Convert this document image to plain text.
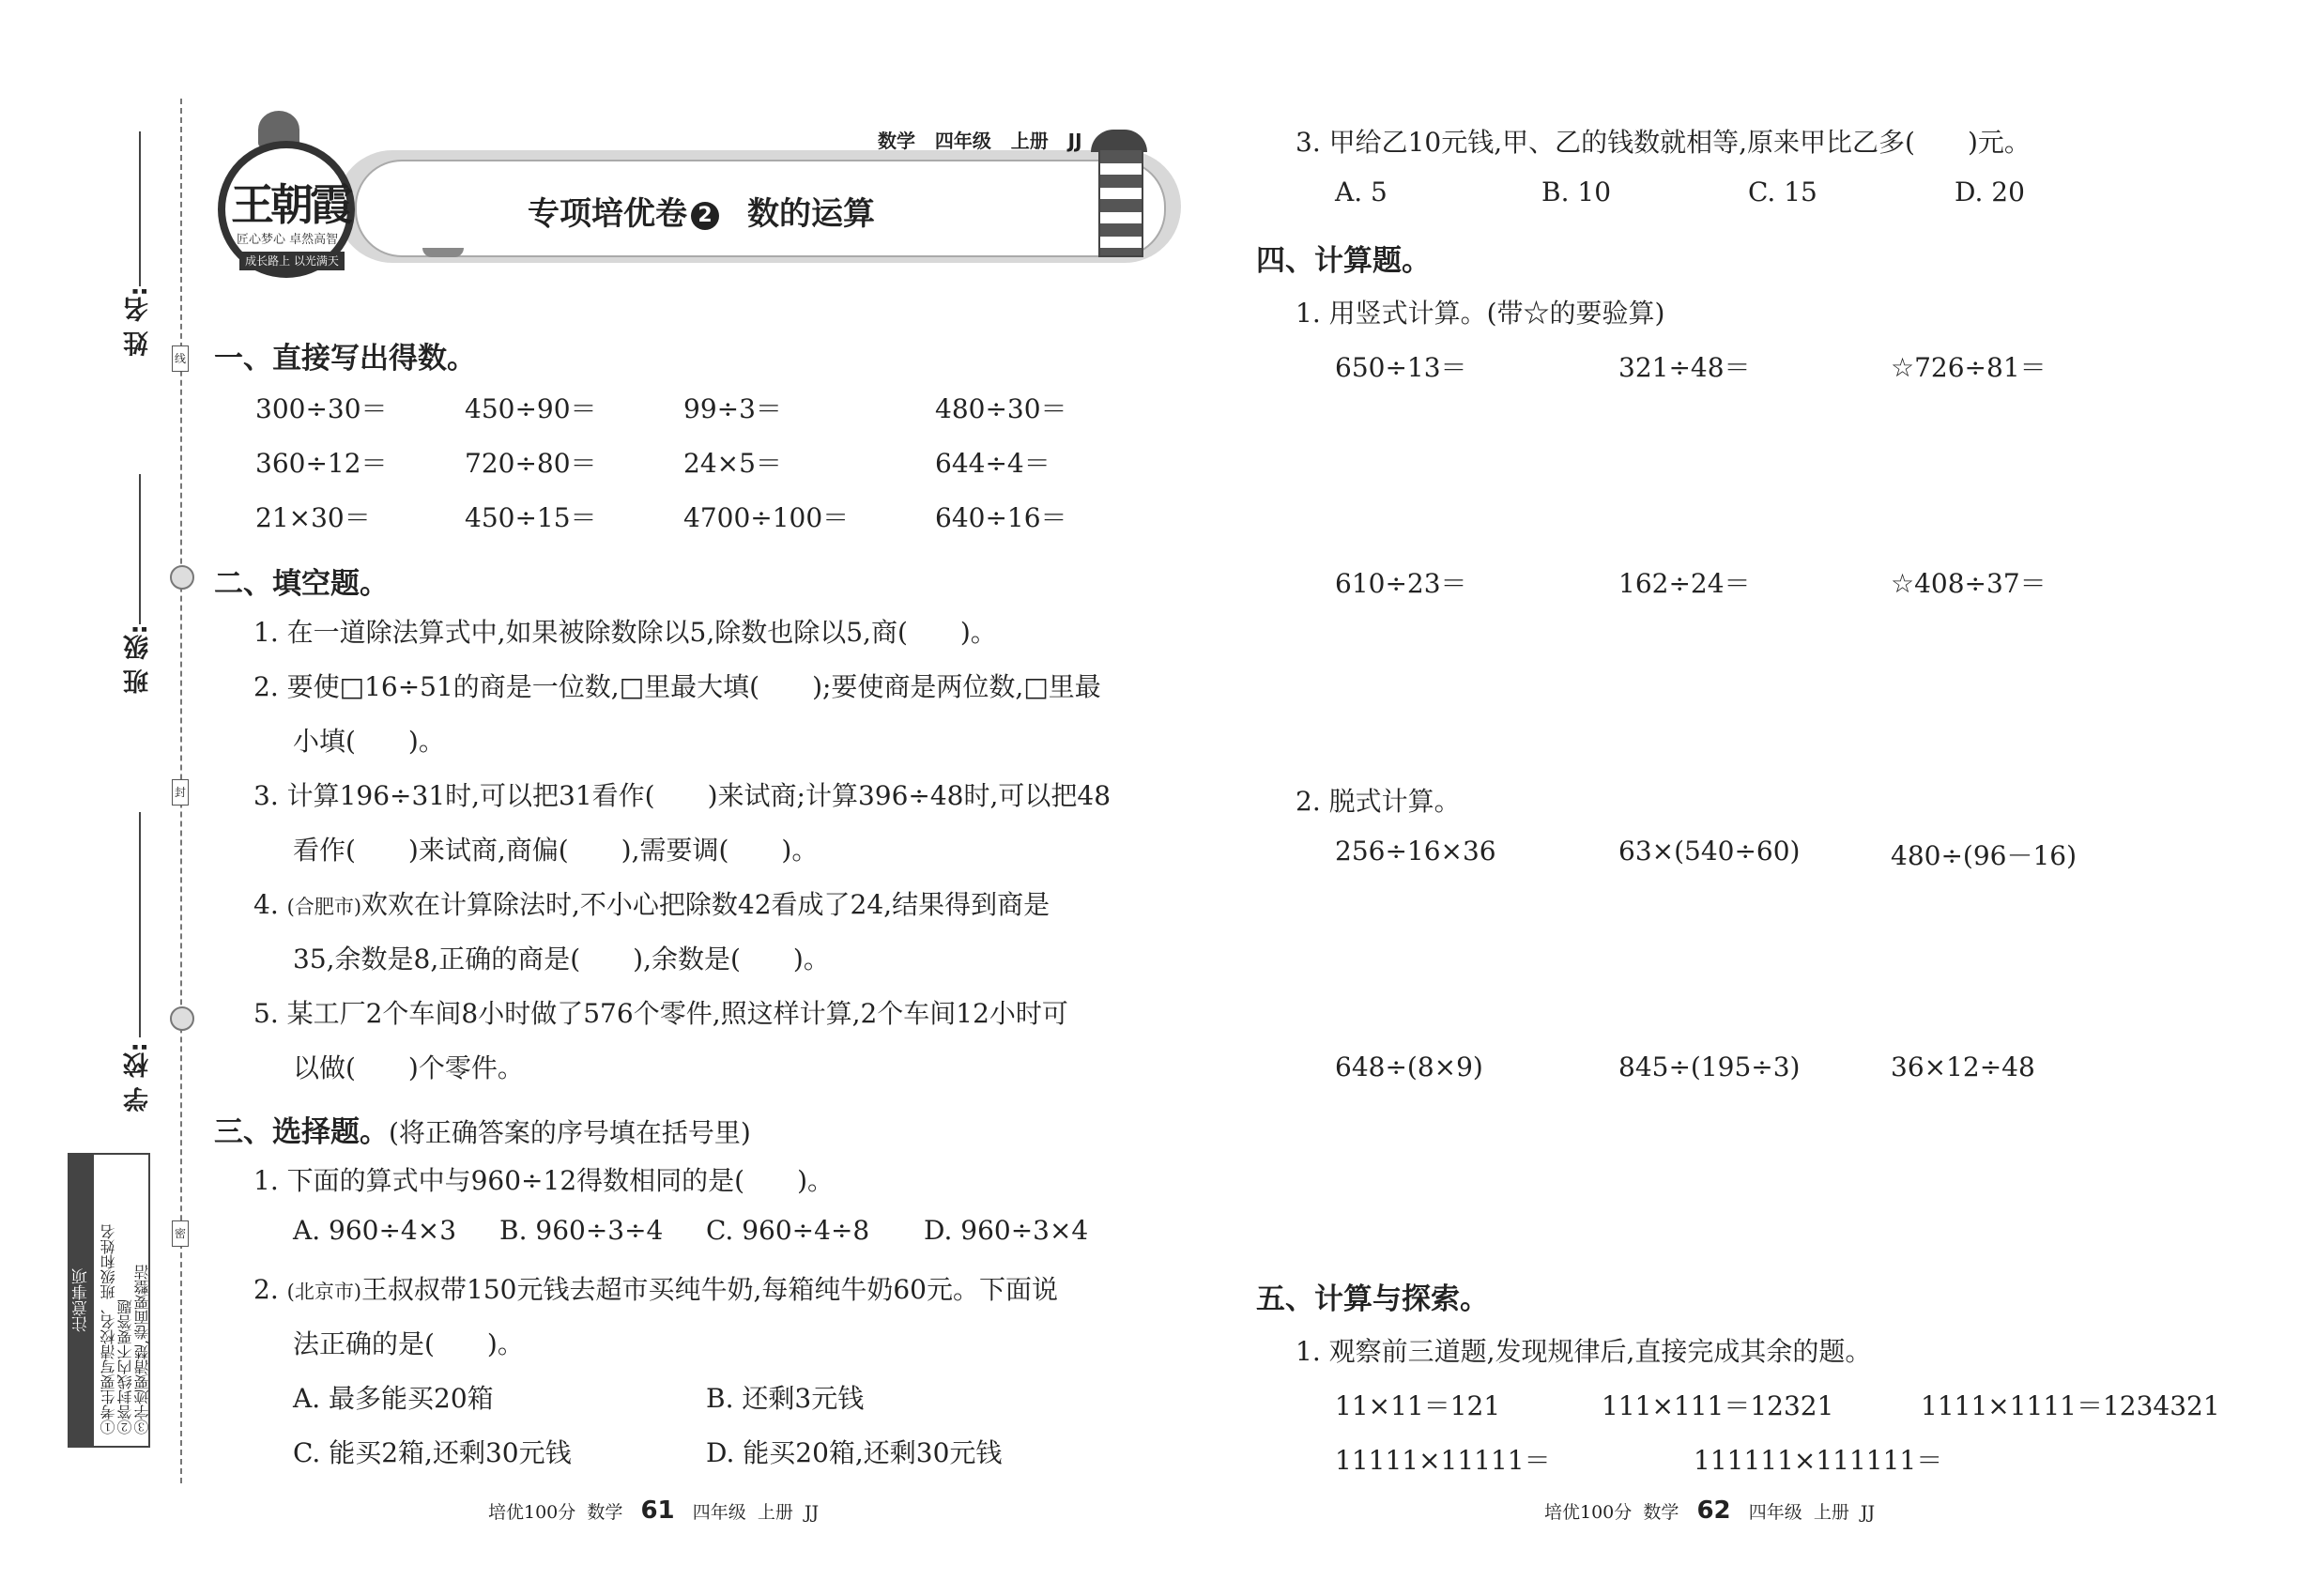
姓 名:
班 级:
学 校:
线
封
密
注意事项 ①考生要写清校名、班级和姓名 ②答封线内不要答题 ③字迹要清楚,卷面要整洁
王朝霞
匠心梦心 卓然高智
成长路上 以光满天
数学   四年级   上册   JJ
专项培优卷 2 数的运算
一、直接写出得数。
300÷30＝	450÷90＝	99÷3＝	480÷30＝
360÷12＝	720÷80＝	24×5＝	644÷4＝
21×30＝	450÷15＝	4700÷100＝	640÷16＝
二、填空题。
1. 在一道除法算式中,如果被除数除以5,除数也除以5,商(　　)。
2. 要使□16÷51的商是一位数,□里最大填(　　);要使商是两位数,□里最
小填(　　)。
3. 计算196÷31时,可以把31看作(　　)来试商;计算396÷48时,可以把48
看作(　　)来试商,商偏(　　),需要调(　　)。
4. (合肥市)欢欢在计算除法时,不小心把除数42看成了24,结果得到商是
35,余数是8,正确的商是(　　),余数是(　　)。
5. 某工厂2个车间8小时做了576个零件,照这样计算,2个车间12小时可
以做(　　)个零件。
三、选择题。(将正确答案的序号填在括号里)
1. 下面的算式中与960÷12得数相同的是(　　)。
A. 960÷4×3 B. 960÷3÷4 C. 960÷4÷8 D. 960÷3×4
2. (北京市)王叔叔带150元钱去超市买纯牛奶,每箱纯牛奶60元。下面说
法正确的是(　　)。
A. 最多能买20箱	B. 还剩3元钱
C. 能买2箱,还剩30元钱	D. 能买20箱,还剩30元钱
培优100分  数学 61 四年级  上册  JJ
3. 甲给乙10元钱,甲、乙的钱数就相等,原来甲比乙多(　　)元。
A. 5	B. 10	C. 15	D. 20
四、计算题。
1. 用竖式计算。(带☆的要验算)
650÷13＝	321÷48＝	☆726÷81＝
610÷23＝	162÷24＝	☆408÷37＝
2. 脱式计算。
256÷16×36	63×(540÷60)	480÷(96－16)
648÷(8×9)	845÷(195÷3)	36×12÷48
五、计算与探索。
1. 观察前三道题,发现规律后,直接完成其余的题。
11×11＝121	111×111＝12321	1111×1111＝1234321
11111×11111＝	111111×111111＝
培优100分  数学 62 四年级  上册  JJ
